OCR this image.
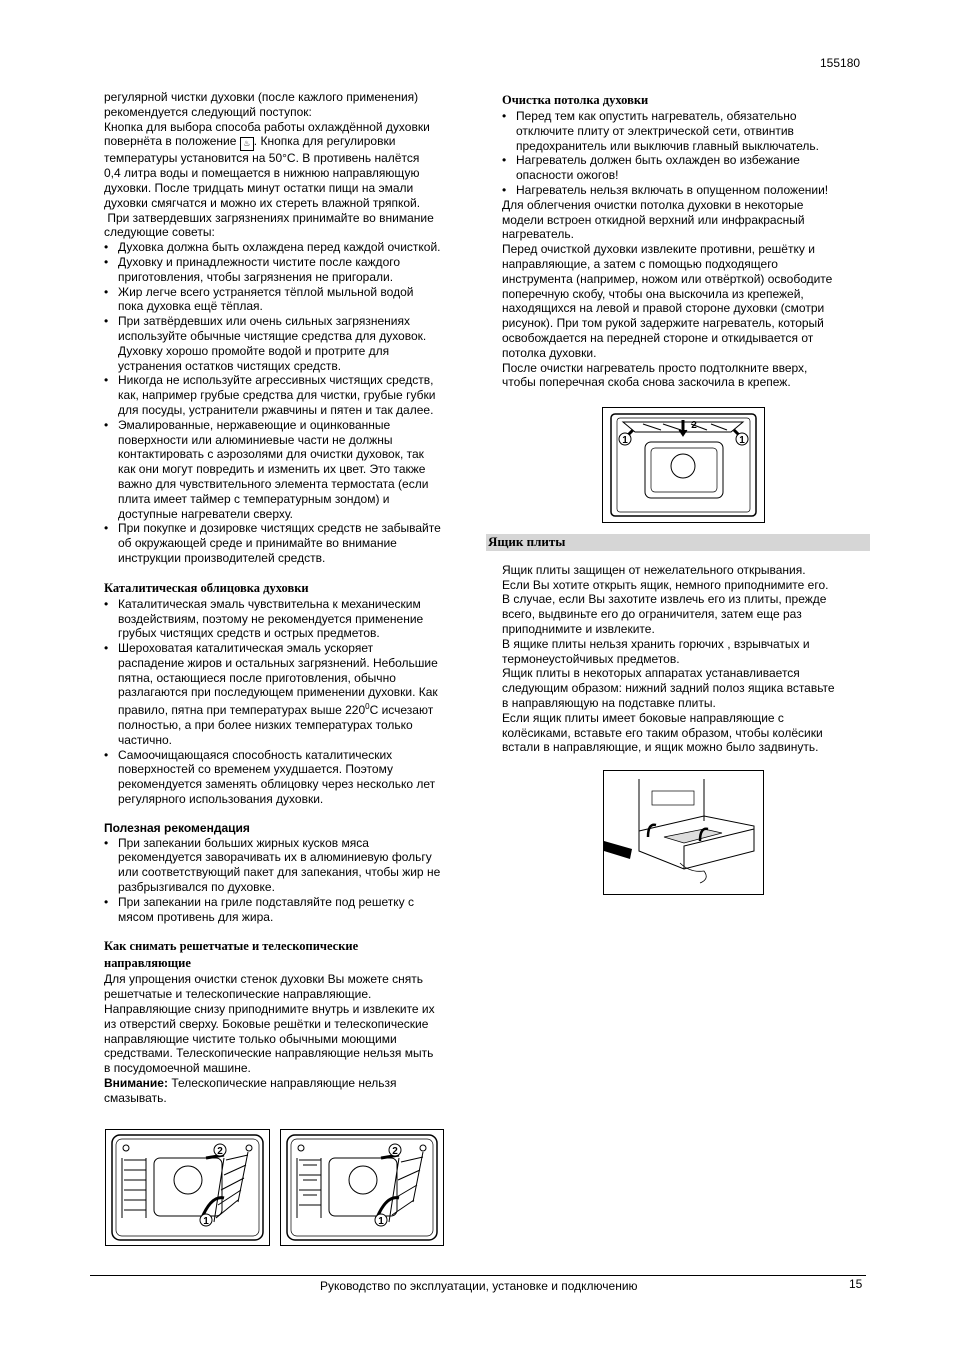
155180

регулярной чистки духовки (после кажлого применения)

рекомендуется следующий поступок:

Кнопка для выбора способа работы охлаждённой духовки

повернёта в положение ♨ . Кнопка для регулировки

температуры установится на 50°C. В противень налётся

0,4 литра воды и помещается в нижнюю направляющую

духовки. После тридцать минут остатки пищи на эмали

духовки смягчатся и можно их стереть влажной тряпкой.

При затвердевших загрязнениях принимайте во внимание

следующие советы:

• Духовка должна быть охлаждена перед каждой очисткой.
• Духовку и принадлежности чистите после каждого
приготовления, чтобы загрязнения не пригорали.
• Жир легче всего устраняется тёплой мыльной водой
пока духовка ещё тёплая.
• При затвёрдевших или очень сильных загрязнениях
используйте обычные чистящие средства для духовок.
Духовку хорошо промойте водой и протрите для
устранения остатков чистящих средств.
• Никогда не используйте агрессивных чистящих средств,
как, например грубые средства для чистки, грубые губки
для посуды, устранители ржавчины и пятен и так далее.
• Эмалированные, нержавеющие и оцинкованные
поверхности или алюминиевые части не должны
контактировать с аэрозолями для очистки духовок, так
как они могут повредить и изменить их цвет. Это также
важно для чувствительного элемента термостата (если
плита имеет таймер с температурным зондом) и
доступные нагреватели сверху.
• При покупке и дозировке чистящих средств не забывайте
об окружающей среде и принимайте во внимание
инструкции производителей средств.

Каталитическая облицовка духовки

• Каталитическая эмаль чувствительна к механическим
воздействиям, поэтому не рекомендуется применение
грубых чистящих средств и острых предметов.
• Шероховатая каталитическая эмаль ускоряет
распадение жиров и остальных загрязнений. Небольшие
пятна, остающиеся после приготовления, обычно
разлагаются при последующем применении духовки. Как
правило, пятна при температурах выше $220^0C$ исчезают
полностью, а при более низких температурах только
частично.
• Самоочищающаяся способность каталитических
поверхностей со временем ухудшается. Поэтому
рекомендуется заменять облицовку через несколько лет
регулярного использования духовки.

Полезная рекомендация

• При запекании больших жирных кусков мяса
рекомендуется заворачивать их в алюминиевую фольгу
или соответствующий пакет для запекания, чтобы жир не
разбрызгивался по духовке.
• При запекании на гриле подставляйте под решетку с
мясом противень для жира.

Как снимать решетчатые и телескопические
направляющие

Для упрощения очистки стенок духовки Вы можете снять

решетчатые и телескопические направляющие.

Направляющие снизу приподнимите внутрь и извлеките их

из отверстий сверху. Боковые решётки и телескопические

направляющие чистите только обычными моющими

средствами. Телескопические направляющие нельзя мыть

в посудомоечной машине.

Внимание: Телескопические направляющие нельзя

смазывать.

2
1
2
1

Очистка потолка духовки

• Перед тем как опустить нагреватель, обязательно
отключите плиту от электрической сети, отвинтив
предохранитель или выключив главный выключатель.
• Нагреватель должен быть охлажден во избежание
опасности ожогов!
• Нагреватель нельзя включать в опущенном положении!

Для облегчения очистки потолка духовки в некоторые

модели встроен откидной верхний или инфракрасный

нагреватель.

Перед очисткой духовки извлеките противни, решётку и

направляющие, а затем с помощью подходящего

инструмента (например, ножом или отвёрткой) освободите

поперечную скобу, чтобы она выскочила из крепежей,

находящихся на левой и правой стороне духовки (смотри

рисунок). При том рукой задержите нагреватель, который

освобождается на передней стороне и откидывается от

потолка духовки.

После очистки нагреватель просто подтолкните вверх,

чтобы поперечная скоба снова заскочила в крепеж.

1	1
2
Ящик плиты

Ящик плиты защищен от нежелательного открывания.

Если Вы хотите открыть ящик, немного приподнимите его.

В случае, если Вы захотите извлечь его из плиты, прежде

всего, выдвиньте его до ограничителя, затем еще раз

приподнимите и извлеките.

В ящике плиты нельзя хранить горючих , взрывчатых и

термонеустойчивых предметов.

Ящик плиты в некоторых аппаратах устанавливается

следующим образом: нижний задний полоз ящика вставьте

в направляющую на подставке плиты.

Если ящик плиты имеет боковые направляющие с

колёсиками, вставьте его таким образом, чтобы колёсики

встали в направляющие, и ящик можно было задвинуть.

Руководство по эксплуатации, установке и подключению	15
